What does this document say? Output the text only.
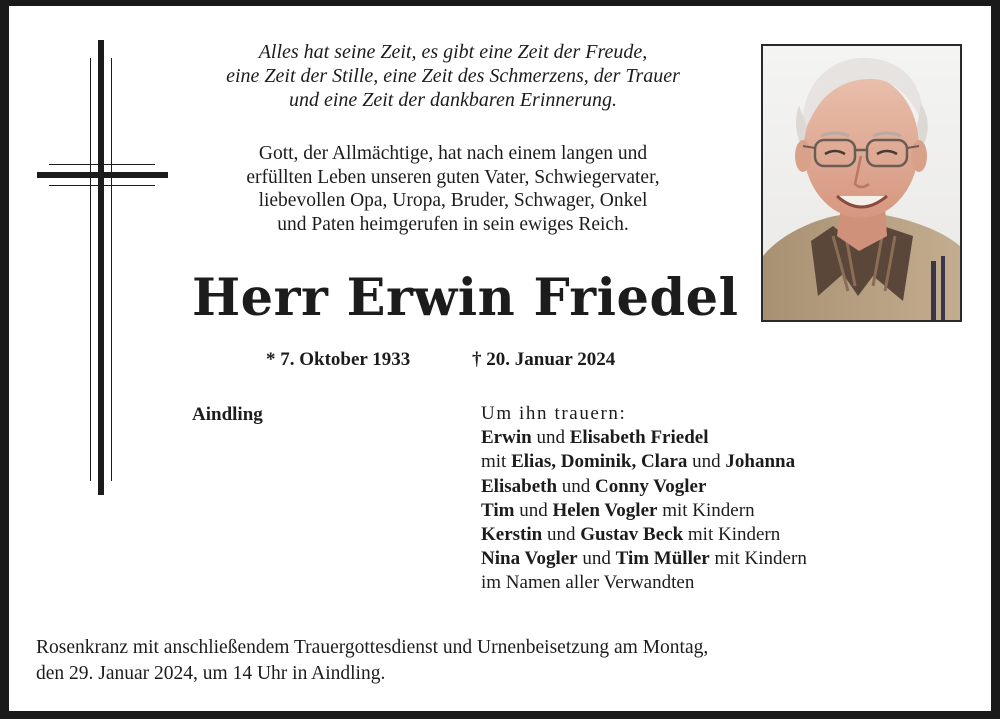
Alles hat seine Zeit, es gibt eine Zeit der Freude,
eine Zeit der Stille, eine Zeit des Schmerzens, der Trauer
und eine Zeit der dankbaren Erinnerung.
Gott, der Allmächtige, hat nach einem langen und
erfüllten Leben unseren guten Vater, Schwiegervater,
liebevollen Opa, Uropa, Bruder, Schwager, Onkel
und Paten heimgerufen in sein ewiges Reich.
Herr Erwin Friedel
* 7. Oktober 1933	† 20. Januar 2024
Aindling	Um ihn trauern:
Erwin und Elisabeth Friedel
mit Elias, Dominik, Clara und Johanna
Elisabeth und Conny Vogler
Tim und Helen Vogler mit Kindern
Kerstin und Gustav Beck mit Kindern
Nina Vogler und Tim Müller mit Kindern
im Namen aller Verwandten
Rosenkranz mit anschließendem Trauergottesdienst und Urnenbeisetzung am Montag,
den 29. Januar 2024, um 14 Uhr in Aindling.
